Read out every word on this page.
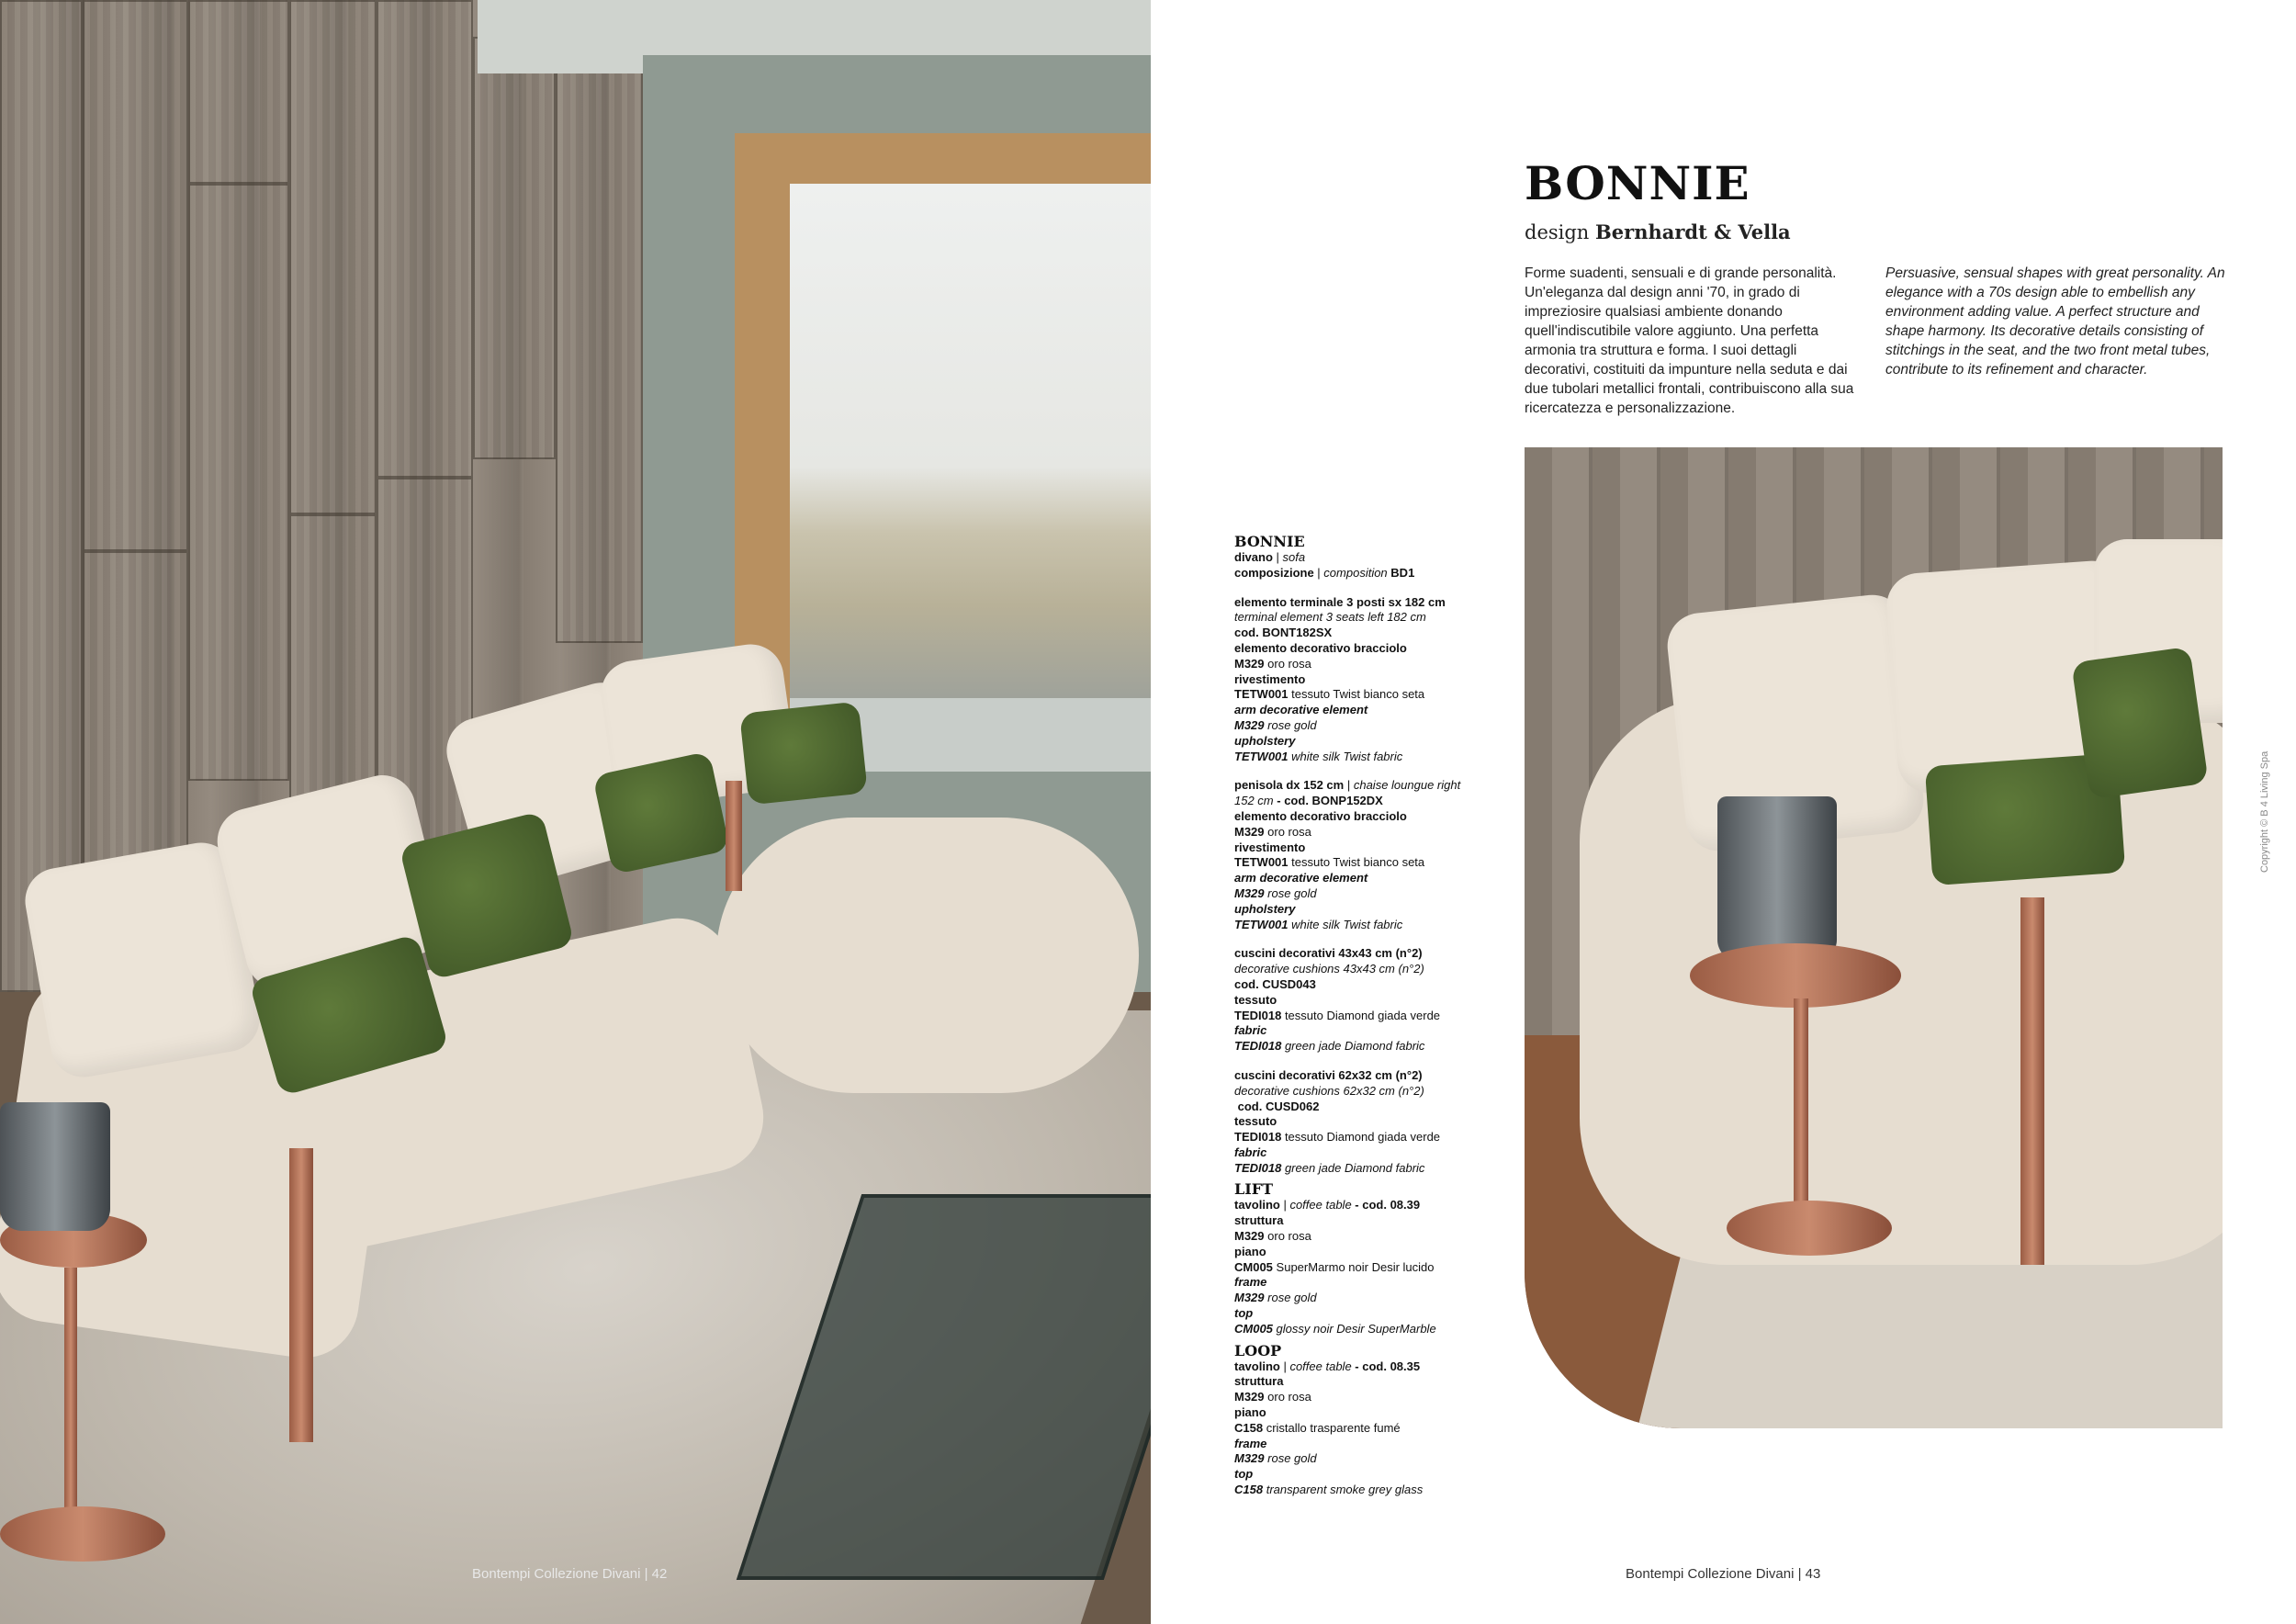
Bontempi Collezione Divani | 42
BONNIE
design Bernhardt & Vella

Forme suadenti, sensuali e di grande personalità. Un'eleganza dal design anni '70, in grado di impreziosire qualsiasi ambiente donando quell'indiscutibile valore aggiunto. Una perfetta armonia tra struttura e forma. I suoi dettagli decorativi, costituiti da impunture nella seduta e dai due tubolari metallici frontali, contribuiscono alla sua ricercatezza e personalizzazione.

Persuasive, sensual shapes with great personality. An elegance with a 70s design able to embellish any environment adding value. A perfect structure and shape harmony. Its decorative details consisting of stitchings in the seat, and the two front metal tubes, contribute to its refinement and character.

BONNIE
divano | sofa
composizione | composition BD1
elemento terminale 3 posti sx 182 cm
terminal element 3 seats left 182 cm
cod. BONT182SX
elemento decorativo bracciolo
M329 oro rosa
rivestimento
TETW001 tessuto Twist bianco seta
arm decorative element
M329 rose gold
upholstery
TETW001 white silk Twist fabric
penisola dx 152 cm | chaise loungue right
152 cm - cod. BONP152DX
elemento decorativo bracciolo
M329 oro rosa
rivestimento
TETW001 tessuto Twist bianco seta
arm decorative element
M329 rose gold
upholstery
TETW001 white silk Twist fabric
cuscini decorativi 43x43 cm (n°2)
decorative cushions 43x43 cm (n°2)
cod. CUSD043
tessuto
TEDI018 tessuto Diamond giada verde
fabric
TEDI018 green jade Diamond fabric
cuscini decorativi 62x32 cm (n°2)
decorative cushions 62x32 cm (n°2)
cod. CUSD062
tessuto
TEDI018 tessuto Diamond giada verde
fabric
TEDI018 green jade Diamond fabric
LIFT
tavolino | coffee table - cod. 08.39
struttura
M329 oro rosa
piano
CM005 SuperMarmo noir Desir lucido
frame
M329 rose gold
top
CM005 glossy noir Desir SuperMarble
LOOP
tavolino | coffee table - cod. 08.35
struttura
M329 oro rosa
piano
C158 cristallo trasparente fumé
frame
M329 rose gold
top
C158 transparent smoke grey glass
Bontempi Collezione Divani | 43
Copyright © B 4 Living Spa
